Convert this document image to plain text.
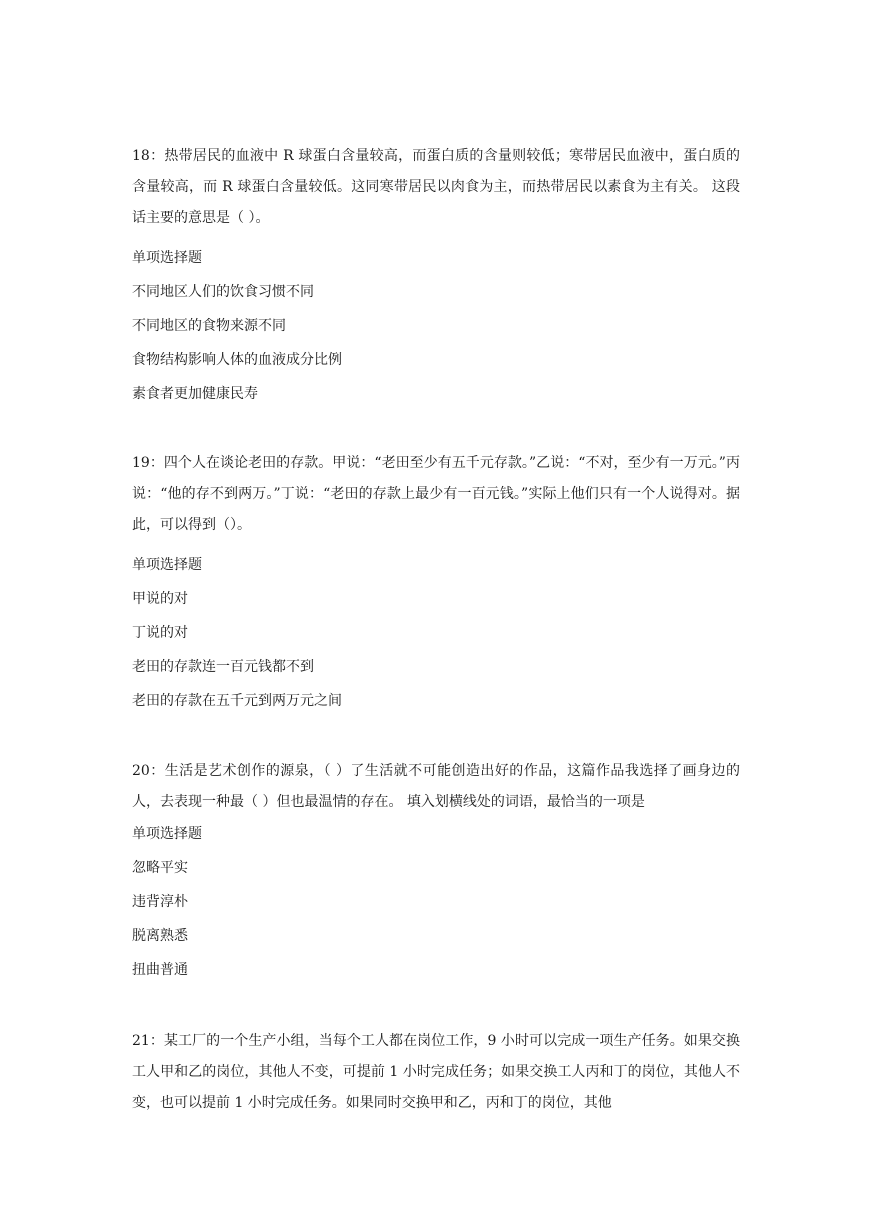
18：热带居民的血液中 R 球蛋白含量较高，而蛋白质的含量则较低；寒带居民血液中，蛋白质的含量较高，而 R 球蛋白含量较低。这同寒带居民以肉食为主，而热带居民以素食为主有关。 这段话主要的意思是（ ）。

单项选择题

不同地区人们的饮食习惯不同

不同地区的食物来源不同

食物结构影响人体的血液成分比例

素食者更加健康民寿

19：四个人在谈论老田的存款。甲说：“老田至少有五千元存款。”乙说：“不对，至少有一万元。”丙说：“他的存不到两万。”丁说：“老田的存款上最少有一百元钱。”实际上他们只有一个人说得对。据此，可以得到（）。

单项选择题

甲说的对

丁说的对

老田的存款连一百元钱都不到

老田的存款在五千元到两万元之间

20：生活是艺术创作的源泉，（ ）了生活就不可能创造出好的作品，这篇作品我选择了画身边的人，去表现一种最（ ）但也最温情的存在。 填入划横线处的词语，最恰当的一项是

单项选择题

忽略平实

违背淳朴

脱离熟悉

扭曲普通

21：某工厂的一个生产小组，当每个工人都在岗位工作，9 小时可以完成一项生产任务。如果交换工人甲和乙的岗位，其他人不变，可提前 1 小时完成任务；如果交换工人丙和丁的岗位，其他人不变，也可以提前 1 小时完成任务。如果同时交换甲和乙，丙和丁的岗位，其他
